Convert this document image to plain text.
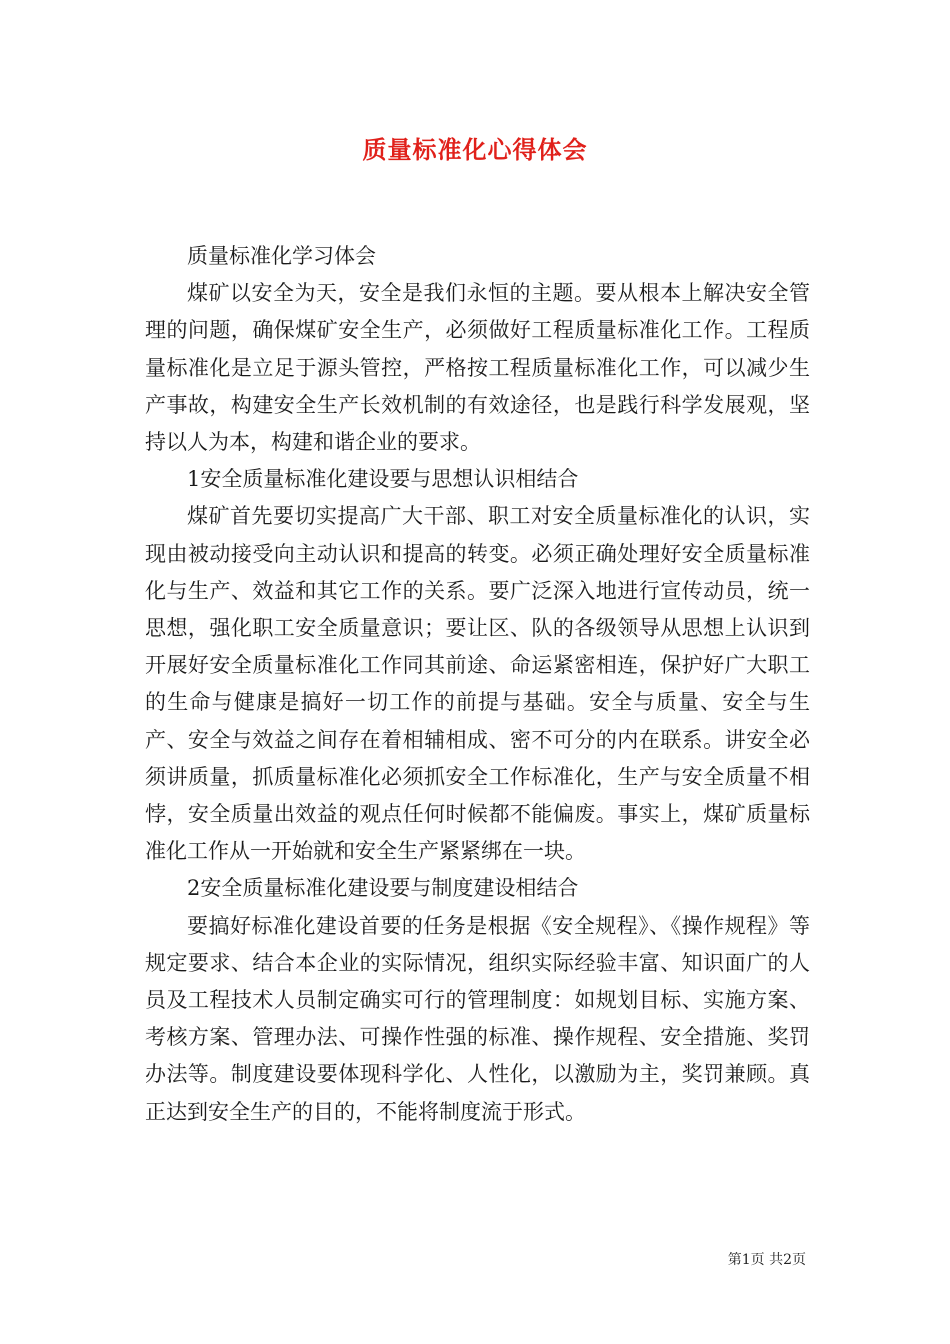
质量标准化心得体会

质量标准化学习体会

煤矿以安全为天，安全是我们永恒的主题。要从根本上解决安全管理的问题，确保煤矿安全生产，必须做好工程质量标准化工作。工程质量标准化是立足于源头管控，严格按工程质量标准化工作，可以减少生产事故，构建安全生产长效机制的有效途径，也是践行科学发展观，坚持以人为本，构建和谐企业的要求。

1安全质量标准化建设要与思想认识相结合

煤矿首先要切实提高广大干部、职工对安全质量标准化的认识，实现由被动接受向主动认识和提高的转变。必须正确处理好安全质量标准化与生产、效益和其它工作的关系。要广泛深入地进行宣传动员，统一思想，强化职工安全质量意识；要让区、队的各级领导从思想上认识到开展好安全质量标准化工作同其前途、命运紧密相连，保护好广大职工的生命与健康是搞好一切工作的前提与基础。安全与质量、安全与生产、安全与效益之间存在着相辅相成、密不可分的内在联系。讲安全必须讲质量，抓质量标准化必须抓安全工作标准化，生产与安全质量不相悖，安全质量出效益的观点任何时候都不能偏废。事实上，煤矿质量标准化工作从一开始就和安全生产紧紧绑在一块。

2安全质量标准化建设要与制度建设相结合

要搞好标准化建设首要的任务是根据《安全规程》、《操作规程》等规定要求、结合本企业的实际情况，组织实际经验丰富、知识面广的人员及工程技术人员制定确实可行的管理制度：如规划目标、实施方案、考核方案、管理办法、可操作性强的标准、操作规程、安全措施、奖罚办法等。制度建设要体现科学化、人性化，以激励为主，奖罚兼顾。真正达到安全生产的目的，不能将制度流于形式。

第1页 共2页
